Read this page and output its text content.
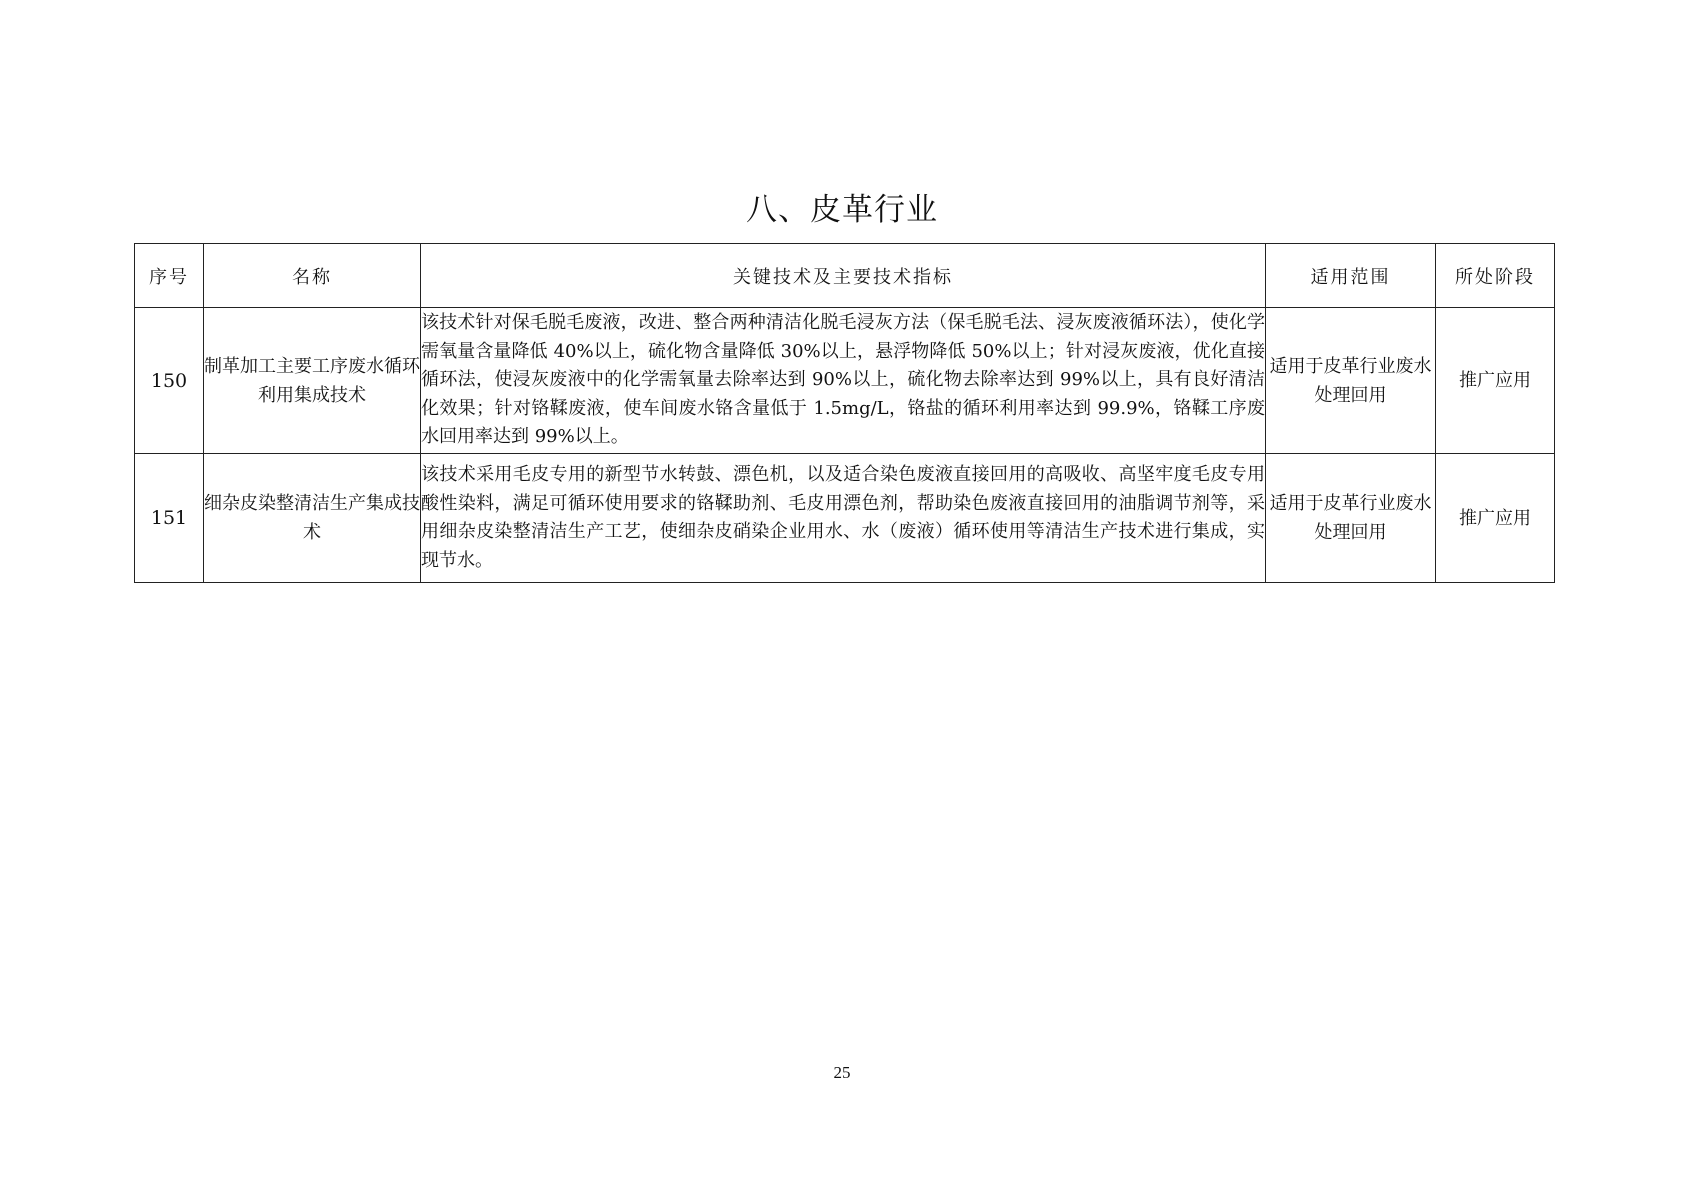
八、皮革行业
序号	名称	关键技术及主要技术指标	适用范围	所处阶段
150	制革加工主要工序废水循环利用集成技术	该技术针对保毛脱毛废液，改进、整合两种清洁化脱毛浸灰方法（保毛脱毛法、浸灰废液循环法），使化学需氧量含量降低 40%以上，硫化物含量降低 30%以上，悬浮物降低 50%以上；针对浸灰废液，优化直接循环法，使浸灰废液中的化学需氧量去除率达到 90%以上，硫化物去除率达到 99%以上，具有良好清洁化效果；针对铬鞣废液，使车间废水铬含量低于 1.5mg/L，铬盐的循环利用率达到 99.9%，铬鞣工序废水回用率达到 99%以上。	适用于皮革行业废水处理回用	推广应用
151	细杂皮染整清洁生产集成技术	该技术采用毛皮专用的新型节水转鼓、漂色机，以及适合染色废液直接回用的高吸收、高坚牢度毛皮专用酸性染料，满足可循环使用要求的铬鞣助剂、毛皮用漂色剂，帮助染色废液直接回用的油脂调节剂等，采用细杂皮染整清洁生产工艺，使细杂皮硝染企业用水、水（废液）循环使用等清洁生产技术进行集成，实现节水。	适用于皮革行业废水处理回用	推广应用
25
